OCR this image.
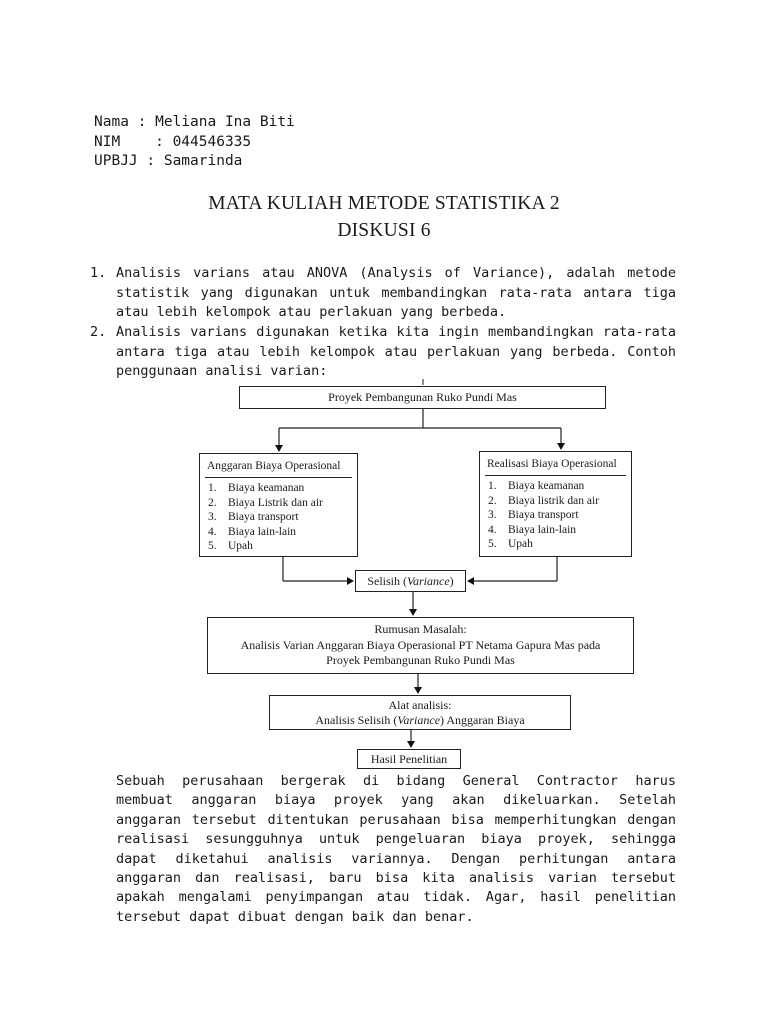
Nama : Meliana Ina Biti
NIM    : 044546335
UPBJJ : Samarinda
MATA KULIAH METODE STATISTIKA 2
DISKUSI 6
1. Analisis varians atau ANOVA (Analysis of Variance), adalah metode statistik yang digunakan untuk membandingkan rata-rata antara tiga atau lebih kelompok atau perlakuan yang berbeda.
2. Analisis varians digunakan ketika kita ingin membandingkan rata-rata antara tiga atau lebih kelompok atau perlakuan yang berbeda. Contoh penggunaan analisi varian:
Proyek Pembangunan Ruko Pundi Mas
Anggaran Biaya Operasional
1. Biaya keamanan
2. Biaya Listrik dan air
3. Biaya transport
4. Biaya lain-lain
5. Upah
Realisasi Biaya Operasional
1. Biaya keamanan
2. Biaya listrik dan air
3. Biaya transport
4. Biaya lain-lain
5. Upah
Selisih (Variance)
Rumusan Masalah:
Analisis Varian Anggaran Biaya Operasional PT Netama Gapura Mas pada
Proyek Pembangunan Ruko Pundi Mas
Alat analisis:
Analisis Selisih (Variance) Anggaran Biaya
Hasil Penelitian
Sebuah perusahaan bergerak di bidang General Contractor harus membuat anggaran biaya proyek yang akan dikeluarkan. Setelah anggaran tersebut ditentukan perusahaan bisa memperhitungkan dengan realisasi sesungguhnya untuk pengeluaran biaya proyek, sehingga dapat diketahui analisis variannya. Dengan perhitungan antara anggaran dan realisasi, baru bisa kita analisis varian tersebut apakah mengalami penyimpangan atau tidak. Agar, hasil penelitian tersebut dapat dibuat dengan baik dan benar.
